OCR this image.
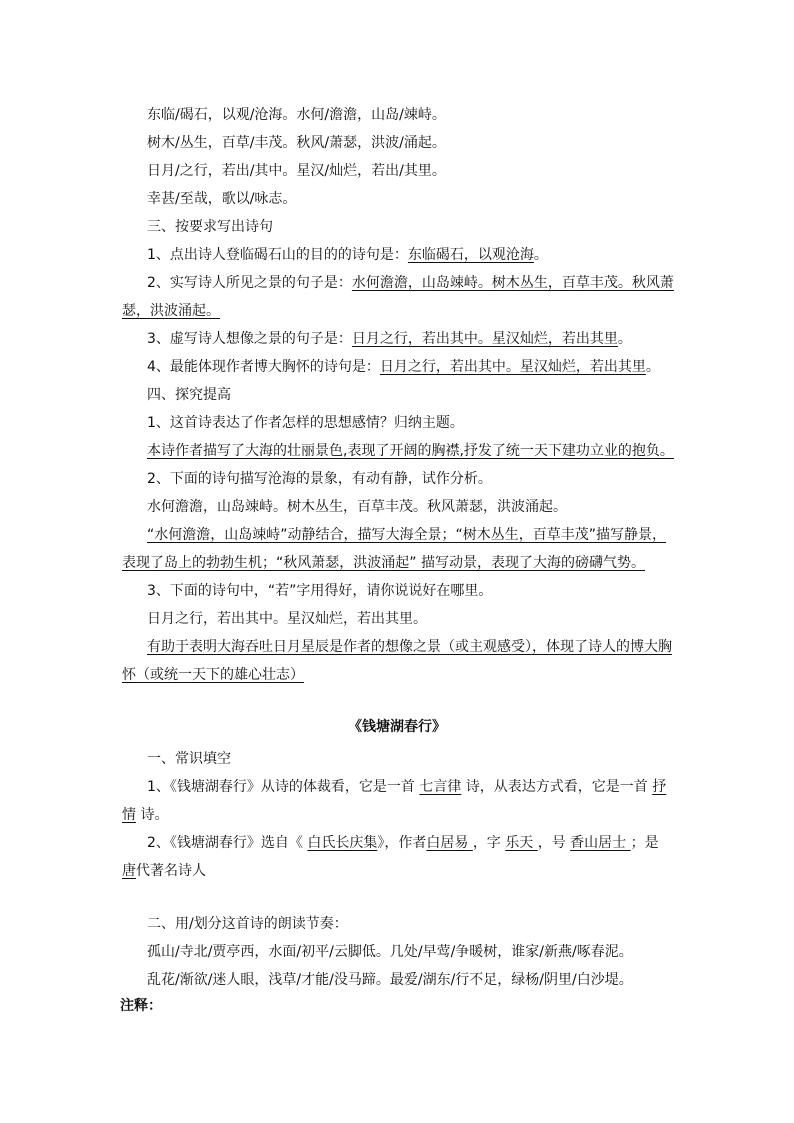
东临/碣石，以观/沧海。水何/澹澹，山岛/竦峙。
树木/丛生，百草/丰茂。秋风/萧瑟，洪波/涌起。
日月/之行，若出/其中。星汉/灿烂，若出/其里。
幸甚/至哉，歌以/咏志。
三、按要求写出诗句
1、点出诗人登临碣石山的目的的诗句是：东临碣石，以观沧海。
2、实写诗人所见之景的句子是：水何澹澹，山岛竦峙。树木丛生，百草丰茂。秋风萧
瑟，洪波涌起。
3、虚写诗人想像之景的句子是：日月之行，若出其中。星汉灿烂，若出其里。
4、最能体现作者博大胸怀的诗句是：日月之行，若出其中。星汉灿烂，若出其里。
四、探究提高
1、这首诗表达了作者怎样的思想感情？归纳主题。
本诗作者描写了大海的壮丽景色,表现了开阔的胸襟,抒发了统一天下建功立业的抱负。
2、下面的诗句描写沧海的景象，有动有静，试作分析。
水何澹澹，山岛竦峙。树木丛生，百草丰茂。秋风萧瑟，洪波涌起。
“水何澹澹，山岛竦峙”动静结合，描写大海全景；“树木丛生，百草丰茂”描写静景，
表现了岛上的勃勃生机；“秋风萧瑟，洪波涌起” 描写动景，表现了大海的磅礴气势。
3、下面的诗句中，“若”字用得好，请你说说好在哪里。
日月之行，若出其中。星汉灿烂，若出其里。
有助于表明大海吞吐日月星辰是作者的想像之景（或主观感受），体现了诗人的博大胸
怀（或统一天下的雄心壮志）
《钱塘湖春行》
一、常识填空
1、《钱塘湖春行》从诗的体裁看，它是一首 七言律 诗，从表达方式看，它是一首 抒
情 诗。
2、《钱塘湖春行》选自《 白氏长庆集》，作者白居易 ，字 乐天 ，号 香山居士 ；是
唐代著名诗人
二、用/划分这首诗的朗读节奏：
孤山/寺北/贾亭西，水面/初平/云脚低。几处/早莺/争暖树，谁家/新燕/啄春泥。
乱花/渐欲/迷人眼，浅草/才能/没马蹄。最爱/湖东/行不足，绿杨/阴里/白沙堤。
注释：
